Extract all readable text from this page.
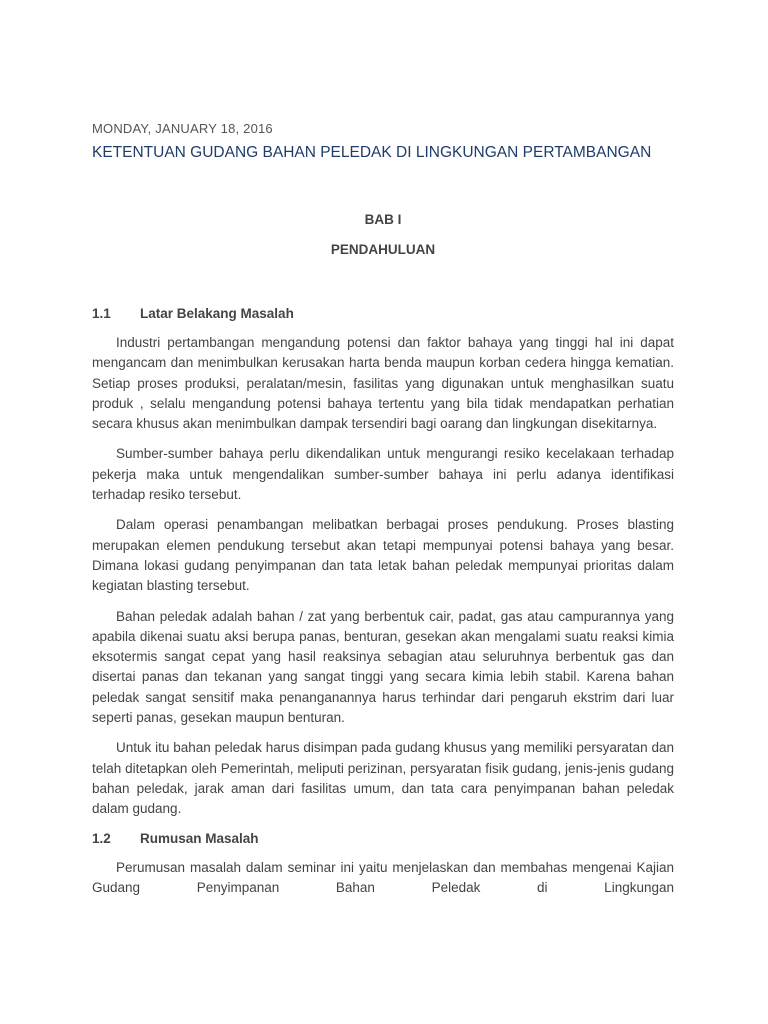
MONDAY, JANUARY 18, 2016

KETENTUAN GUDANG BAHAN PELEDAK DI LINGKUNGAN PERTAMBANGAN

BAB I

PENDAHULUAN

1.1	Latar Belakang Masalah

Industri pertambangan mengandung potensi dan faktor bahaya yang tinggi hal ini dapat mengancam dan menimbulkan kerusakan harta benda maupun korban cedera hingga kematian. Setiap proses produksi, peralatan/mesin, fasilitas yang digunakan untuk menghasilkan suatu produk , selalu mengandung potensi bahaya tertentu yang bila tidak mendapatkan perhatian secara khusus akan menimbulkan dampak tersendiri bagi oarang dan lingkungan disekitarnya.

Sumber-sumber bahaya perlu dikendalikan untuk mengurangi resiko kecelakaan terhadap pekerja maka untuk mengendalikan sumber-sumber bahaya ini perlu adanya identifikasi terhadap resiko tersebut.

Dalam operasi penambangan melibatkan berbagai proses pendukung. Proses blasting merupakan elemen pendukung tersebut akan tetapi mempunyai potensi bahaya yang besar. Dimana lokasi gudang penyimpanan dan tata letak bahan peledak mempunyai prioritas dalam kegiatan blasting tersebut.

Bahan peledak adalah bahan / zat yang berbentuk cair, padat, gas atau campurannya yang apabila dikenai suatu aksi berupa panas, benturan, gesekan akan mengalami suatu reaksi kimia eksotermis sangat cepat yang hasil reaksinya sebagian atau seluruhnya berbentuk gas dan disertai panas dan tekanan yang sangat tinggi yang secara kimia lebih stabil. Karena bahan peledak sangat sensitif maka penanganannya harus terhindar dari pengaruh ekstrim dari luar seperti panas, gesekan maupun benturan.

Untuk itu bahan peledak harus disimpan pada gudang khusus yang memiliki persyaratan dan telah ditetapkan oleh Pemerintah, meliputi perizinan, persyaratan fisik gudang, jenis-jenis gudang bahan peledak, jarak aman dari fasilitas umum, dan tata cara penyimpanan bahan peledak dalam gudang.

1.2	Rumusan Masalah

Perumusan masalah dalam seminar ini yaitu menjelaskan dan membahas mengenai Kajian Gudang Penyimpanan Bahan Peledak di Lingkungan
